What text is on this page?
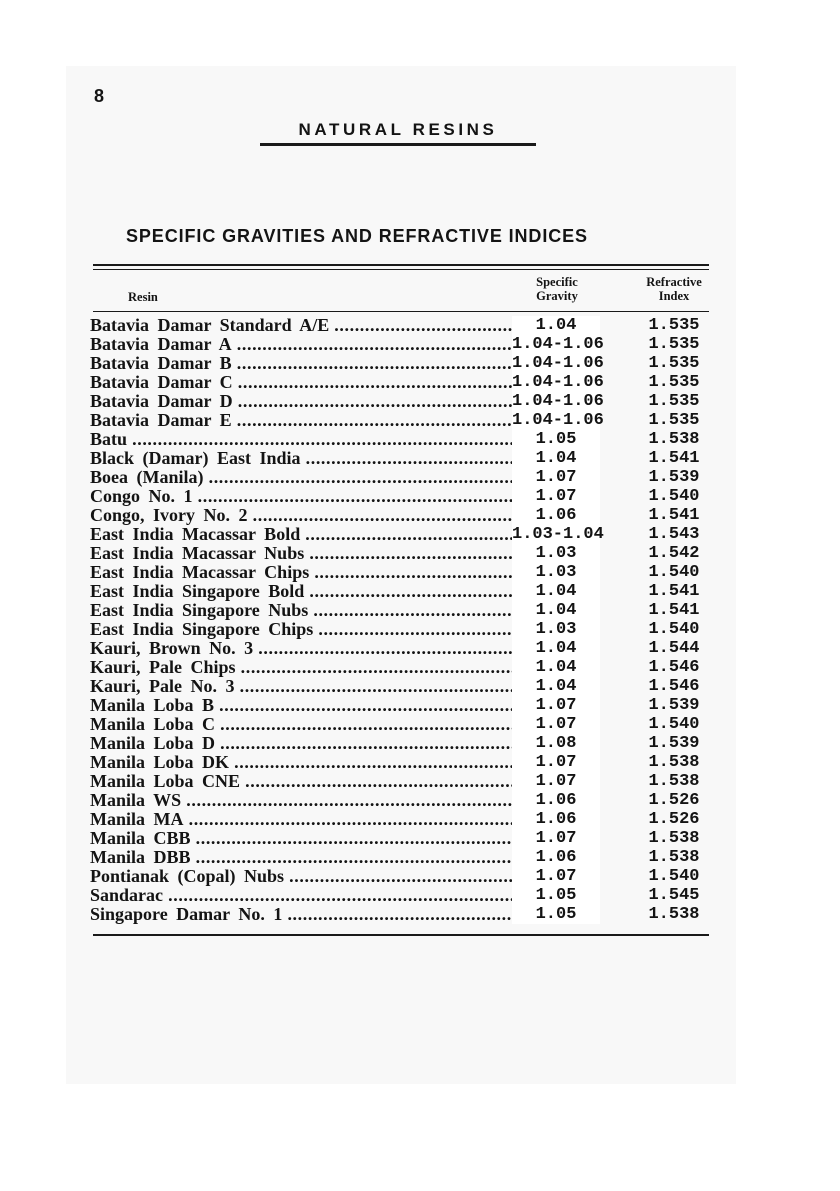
8
NATURAL RESINS
SPECIFIC GRAVITIES AND REFRACTIVE INDICES
Resin
Specific
Gravity
Refractive
Index
Batavia Damar Standard A/E .....	1.04	1.535
Batavia Damar A .....	1.04-1.06	1.535
Batavia Damar B .....	1.04-1.06	1.535
Batavia Damar C .....	1.04-1.06	1.535
Batavia Damar D .....	1.04-1.06	1.535
Batavia Damar E .....	1.04-1.06	1.535
Batu .....	1.05	1.538
Black (Damar) East India .....	1.04	1.541
Boea (Manila) .....	1.07	1.539
Congo No. 1 .....	1.07	1.540
Congo, Ivory No. 2 .....	1.06	1.541
East India Macassar Bold .....	1.03-1.04	1.543
East India Macassar Nubs .....	1.03	1.542
East India Macassar Chips .....	1.03	1.540
East India Singapore Bold .....	1.04	1.541
East India Singapore Nubs .....	1.04	1.541
East India Singapore Chips .....	1.03	1.540
Kauri, Brown No. 3 .....	1.04	1.544
Kauri, Pale Chips .....	1.04	1.546
Kauri, Pale No. 3 .....	1.04	1.546
Manila Loba B .....	1.07	1.539
Manila Loba C .....	1.07	1.540
Manila Loba D .....	1.08	1.539
Manila Loba DK .....	1.07	1.538
Manila Loba CNE .....	1.07	1.538
Manila WS .....	1.06	1.526
Manila MA .....	1.06	1.526
Manila CBB .....	1.07	1.538
Manila DBB .....	1.06	1.538
Pontianak (Copal) Nubs .....	1.07	1.540
Sandarac .....	1.05	1.545
Singapore Damar No. 1 .....	1.05	1.538
